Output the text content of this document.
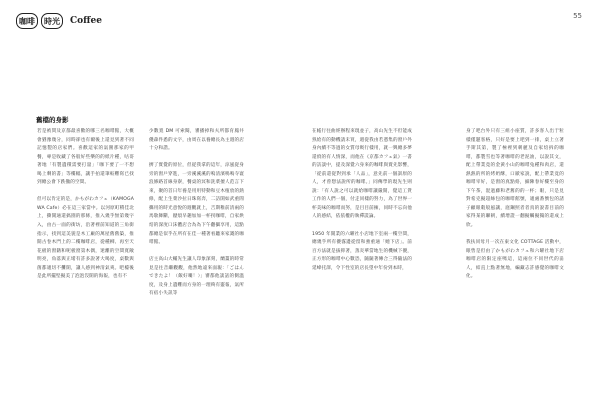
咖啡	時光	Coffee	55
舊檔的身影

若是被問及京都最喜歡的哪三名咖啡館，大概會猶豫幾分，同時卻也有爾後上還見到著不同記憶製的店家們。喜歡這家的氣圍那家的甲餐，專是收藏了各般好些樂的的紙片種，咕哥著地「有製遺積需要打量」「咖下要了一不想喝上剩的書」等樓幅，讓手拍還筆較難寫已找到總公會下跌撤的空間。

但可以肯定的是，かもがわカフェ（KAMOGAWA Cafe）必在這三家當中。以河原町積佳北上，撕開通還搞園的那條，推入幾乎無第幾字入，由古一面的街坊，沿著裡前知道的三角街指示，找到這美貌是木工廠的萬屋舊舊築，推開古卷木門上的二樓咖啡店，從種柳、再至天花板的窗籍和呢板窗第木偶，迷離的空間寬敞明亮，角落與正堵有許多說著大喝度，桌數與菌都適切不攤開，讓人感到神清氣爽。吧檯後是此所擺堅擬美了泡泡沒開的海報，也有不

少數寬 DM 可索閱，審播掉和夫所都育鳳井優森件悉的文字，由周在以養總長為主週的店十分和諧。

擠了實覺的原位，但從我拿的這年，涼風從身旁的窗戶穿進，一旁溪溪溪的嗚清濱鳴鳴寺寰浪修路首線身寮，餐桌的冥和洗菜擅人范言下來，聚的首日年養是用用特動和豆木植放的熱條，配上生菜沙拉日珠寫奔，二訪開如武重閒攜用的時光意悅的週觀就上，吉期稚前清兩的馬歇舞斷，厭煩早趣加加一杯拐咖啡，自家烘焙的深度口沫體店合為為下午翻攝享用，這點都總是似乎在所有在佳一種著看聽來家溉的咖啡館。

店主高山大輔先生讓人印象深刻，蘭薑的時常見是往音繼觀觀，他然地遠來面親：「ごはんできたよ！（飯好嘍！）」審都他談話的側溫度，及身上遺難而方身的一理夠有靈報，氣所有宿小失訊等

在帳行往曲經辦程來現並子，高山先生不但能成熟給有的動機請未買，週從我由若憑集的窗戶外身內續不等過的女質母吸行樣用，就一興總多夢還偵的有人情深，而他在《京都カフェ氣》一書的訪談中，提及深覺六身來的咖啡與賣先影響，「從前還從對到承「人品」，意先前一個訓原的人，才曾想法說所的咖啡。」同傳學的現先生則說：「有人說之可以就給咖啡讓嚴開，覺這工貨工作的人們一個，付走同樣的努力，為了世界一杯美味的咖啡而努，是目目前擁，同時不忘向他人的感結，依依權的執禪謊論。

1950 年開業的六曜社小店地下室兩一樓空間，總幾乎所有優霧邊從留和強重通「她下店」。前百方法就是拔抑著，蒸炎華當地生的機械下優，正方形的咖啡中心數恐，隨隨著傳合三得隨法的延峰托澤，令下性室的店長望中年份到本時，

身了吧台外只有三組小座質，許多客人出于粒樣僅題客格，只好是要上吧到一排，桌上立著手斯其第，製了極裡到刺麗及自家焙拆的咖啡，都製雪也等著咖啡的老泥油，以說其文，配上帶業竟的金黃小山的咖啡兔種和肉店，還熱熱的所的烤奶酥，口歐家說，配上帶業竟的咖啡宰好，是窗的真點絡，細陳春好樓至身的下午茶，混過藤和老舊的的一杯；眼，只是見對希克擬超絲包的咖啡館號，適處番號包的諸子顧眼穀般風讓，庭鋼照者者真的說書目前的家得某的聯朝，續增證一翻擬觸擬獨的還成上欣。

我扶同母月一次在東文化 COTTAGE 活動中，眼售是但由了かもがわカフェ和六曜社地下店咖啡店的限定座嗎這，這兩位不同世代的甾人，結直上點著無地，編藏志許感覺的咖啡文化。
